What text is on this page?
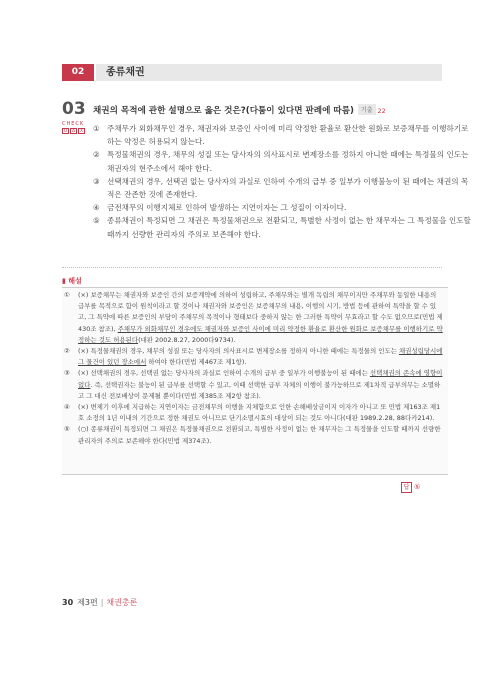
02	종류채권
03
CHECK
O	Δ	X
채권의 목적에 관한 설명으로 옳은 것은?(다툼이 있다면 판례에 따름) 기출 22
① 주채무가 외화채무인 경우, 채권자와 보증인 사이에 미리 약정한 환율로 환산한 원화로 보증채무를 이행하기로 하는 약정은 허용되지 않는다.
② 특정물채권의 경우, 채무의 성질 또는 당사자의 의사표시로 변제장소를 정하지 아니한 때에는 특정물의 인도는 채권자의 현주소에서 해야 한다.
③ 선택채권의 경우, 선택권 없는 당사자의 과실로 인하여 수개의 급부 중 일부가 이행불능이 된 때에는 채권의 목적은 잔존한 것에 존재한다.
④ 금전채무의 이행지체로 인하여 발생하는 지연이자는 그 성질이 이자이다.
⑤ 종류채권이 특정되면 그 채권은 특정물채권으로 전환되고, 특별한 사정이 없는 한 채무자는 그 특정물을 인도할 때까지 선량한 관리자의 주의로 보존해야 한다.
▮ 해설
① (×) 보증채무는 채권자와 보증인 간의 보증계약에 의하여 성립하고, 주채무와는 별개 독립의 채무이지만 주채무와 동일한 내용의 급부를 목적으로 함이 원칙이라고 할 것이나 채권자와 보증인은 보증채무의 내용, 이행의 시기, 방법 등에 관하여 특약을 할 수 있고, 그 특약에 따른 보증인의 부담이 주채무의 목적이나 형태보다 중하지 않는 한 그러한 특약이 무효라고 할 수도 없으므로(민법 제430조 참조), 주채무가 외화채무인 경우에도 채권자와 보증인 사이에 미리 약정한 환율로 환산한 원화로 보증채무를 이행하기로 약정하는 것도 허용된다(대판 2002.8.27, 2000다9734).
② (×) 특정물채권의 경우, 채무의 성질 또는 당사자의 의사표시로 변제장소를 정하지 아니한 때에는 특정물의 인도는 채권성립당시에 그 물건이 있던 장소에서 하여야 한다(민법 제467조 제1항).
③ (×) 선택채권의 경우, 선택권 없는 당사자의 과실로 인하여 수개의 급부 중 일부가 이행불능이 된 때에는 선택채권의 존속에 영향이 없다. 즉, 선택권자는 불능이 된 급부를 선택할 수 있고, 이때 선택한 급부 자체의 이행이 불가능하므로 제1차적 급부의무는 소멸하고 그 대신 전보배상이 문제될 뿐이다(민법 제385조 제2항 참조).
④ (×) 변제기 이후에 지급하는 지연이자는 금전채무의 이행을 지체함으로 인한 손해배상금이지 이자가 아니고 또 민법 제163조 제1호 소정의 1년 이내의 기간으로 정한 채권도 아니므로 단기소멸시효의 대상이 되는 것도 아니다(대판 1989.2.28, 88다카214).
⑤ (○) 종류채권이 특정되면 그 채권은 특정물채권으로 전환되고, 특별한 사정이 없는 한 채무자는 그 특정물을 인도할 때까지 선량한 관리자의 주의로 보존해야 한다(민법 제374조).
답 ⑤
30 제3편 | 채권총론
